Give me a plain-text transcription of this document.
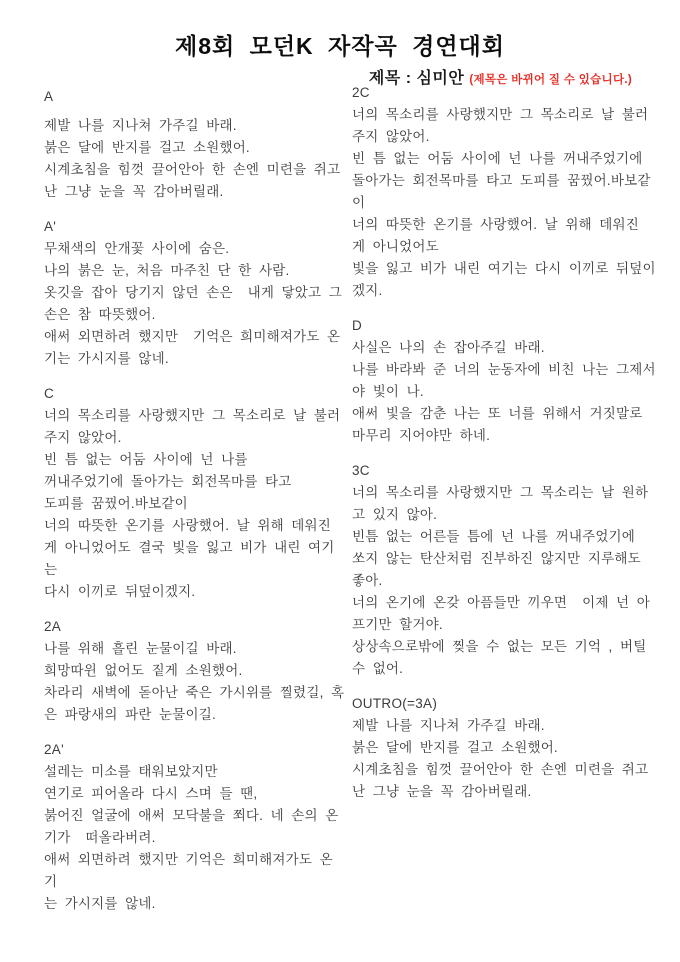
제8회 모던K 자작곡 경연대회
제목 : 심미안 (제목은 바뀌어 질 수 있습니다.)
A
제발 나를 지나쳐 가주길 바래.
붉은 달에 반지를 걸고 소원했어.
시계초침을 힘껏 끌어안아 한 손엔 미련을 쥐고
난 그냥 눈을 꼭 감아버릴래.
A'
무채색의 안개꽃 사이에 숨은.
나의 붉은 눈, 처음 마주친 단 한 사람.
옷깃을 잡아 당기지 않던 손은  내게 닿았고 그
손은 참 따뜻했어.
애써 외면하려 했지만  기억은 희미해져가도 온
기는 가시지를 않네.
C
너의 목소리를 사랑했지만 그 목소리로 날 불러
주지 않았어.
빈 틈 없는 어둠 사이에 넌 나를
꺼내주었기에 돌아가는 회전목마를 타고
도피를 꿈꿨어.바보같이
너의 따뜻한 온기를 사랑했어. 날 위해 데워진
게 아니었어도 결국 빛을 잃고 비가 내린 여기는
다시 이끼로 뒤덮이겠지.
2A
나를 위해 흘린 눈물이길 바래.
희망따윈 없어도 짙게 소원했어.
차라리 새벽에 돋아난 죽은 가시위를 찔렸길, 혹
은 파랑새의 파란 눈물이길.
2A'
설레는 미소를 태워보았지만
연기로 피어올라 다시 스며 들 땐,
붉어진 얼굴에 애써 모닥불을 쬐다. 네 손의 온
기가  떠올라버려.
애써 외면하려 했지만 기억은 희미해져가도 온기
는 가시지를 않네.
2C
너의 목소리를 사랑했지만 그 목소리로 날 불러
주지 않았어.
빈 틈 없는 어둠 사이에 넌 나를 꺼내주었기에
돌아가는 회전목마를 타고 도피를 꿈꿨어.바보같
이
너의 따뜻한 온기를 사랑했어. 날 위해 데워진
게 아니었어도
빛을 잃고 비가 내린 여기는 다시 이끼로 뒤덮이
겠지.
D
사실은 나의 손 잡아주길 바래.
나를 바라봐 준 너의 눈동자에 비친 나는 그제서
야 빛이 나.
애써 빛을 감춘 나는 또 너를 위해서 거짓말로
마무리 지어야만 하네.
3C
너의 목소리를 사랑했지만 그 목소리는 날 원하
고 있지 않아.
빈틈 없는 어른들 틈에 넌 나를 꺼내주었기에
쏘지 않는 탄산처럼 진부하진 않지만 지루해도
좋아.
너의 온기에 온갖 아픔들만 끼우면  이제 넌 아
프기만 할거야.
상상속으로밖에 찢을 수 없는 모든 기억 , 버틸
수 없어.
OUTRO(=3A)
제발 나를 지나쳐 가주길 바래.
붉은 달에 반지를 걸고 소원했어.
시계초침을 힘껏 끌어안아 한 손엔 미련을 쥐고
난 그냥 눈을 꼭 감아버릴래.
